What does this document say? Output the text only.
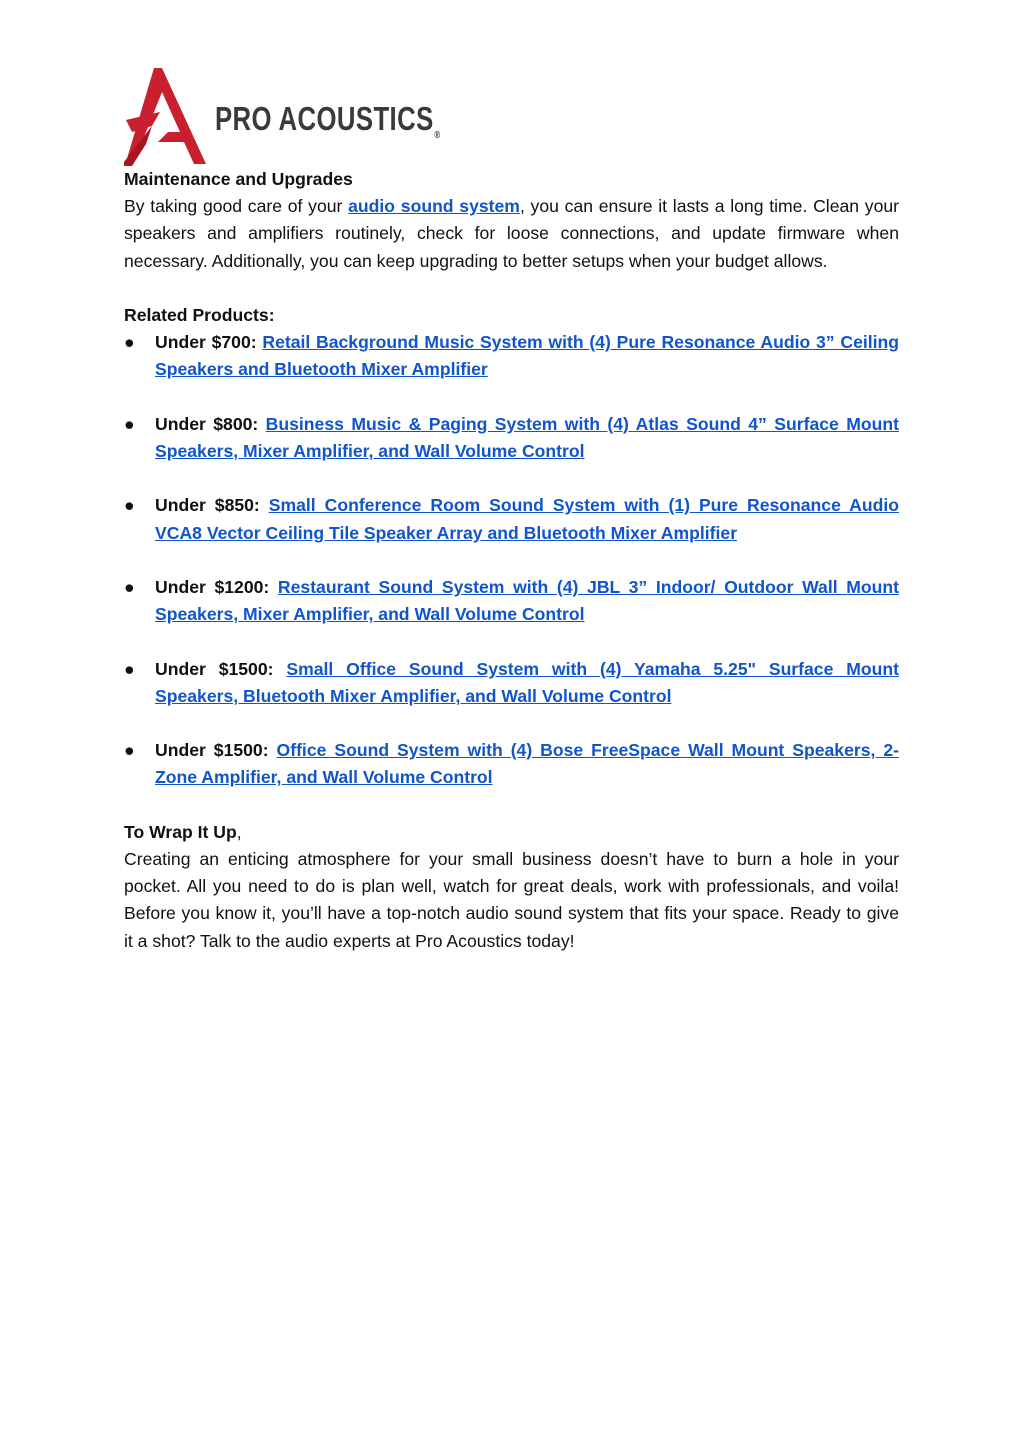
PRO $ACOUSTICS_®$

Maintenance and Upgrades

By taking good care of your audio sound system, you can ensure it lasts a long time. Clean your speakers and amplifiers routinely, check for loose connections, and update firmware when necessary. Additionally, you can keep upgrading to better setups when your budget allows.

Related Products:

● Under $700: Retail Background Music System with (4) Pure Resonance Audio 3” Ceiling Speakers and Bluetooth Mixer Amplifier
● Under $800: Business Music & Paging System with (4) Atlas Sound 4” Surface Mount Speakers, Mixer Amplifier, and Wall Volume Control
● Under $850: Small Conference Room Sound System with (1) Pure Resonance Audio VCA8 Vector Ceiling Tile Speaker Array and Bluetooth Mixer Amplifier
● Under $1200: Restaurant Sound System with (4) JBL 3” Indoor/ Outdoor Wall Mount Speakers, Mixer Amplifier, and Wall Volume Control
● Under $1500: Small Office Sound System with (4) Yamaha 5.25" Surface Mount Speakers, Bluetooth Mixer Amplifier, and Wall Volume Control
● Under $1500: Office Sound System with (4) Bose FreeSpace Wall Mount Speakers, 2-Zone Amplifier, and Wall Volume Control

To Wrap It Up,

Creating an enticing atmosphere for your small business doesn’t have to burn a hole in your pocket. All you need to do is plan well, watch for great deals, work with professionals, and voila! Before you know it, you’ll have a top-notch audio sound system that fits your space. Ready to give it a shot? Talk to the audio experts at Pro Acoustics today!
